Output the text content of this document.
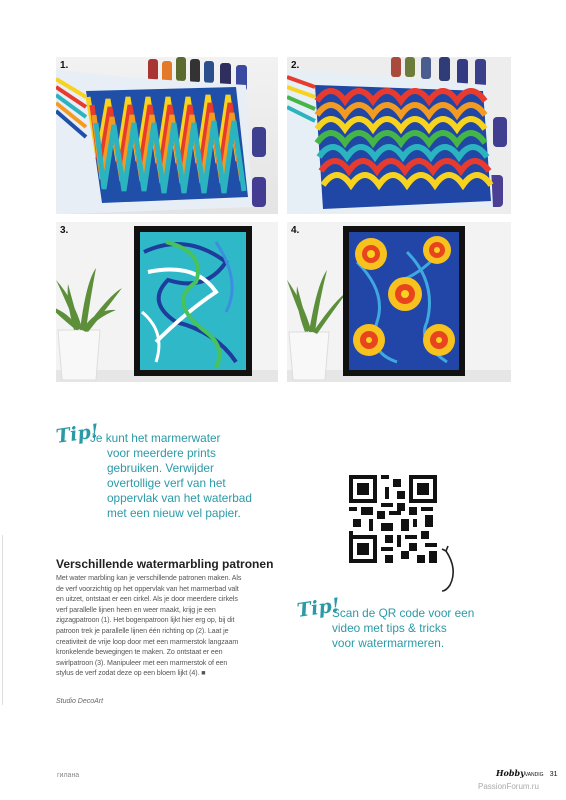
1.	2.
3.	4.
Tip!
Je kunt het marmerwater
voor meerdere prints
gebruiken. Verwijder
overtollige verf van het
oppervlak van het waterbad
met een nieuw vel papier.
Tip!
Scan de QR code voor een
video met tips & tricks
voor watermarmeren.
Verschillende watermarbling patronen
Met water marbling kan je verschillende patronen maken. Als
de verf voorzichtig op het oppervlak van het marmerbad valt
en uitzet, ontstaat er een cirkel. Als je door meerdere cirkels
verf parallelle lijnen heen en weer maakt, krijg je een
zigzagpatroon (1). Het bogenpatroon lijkt hier erg op, bij dit
patroon trek je parallelle lijnen één richting op (2). Laat je
creativiteit de vrije loop door met een marmerstok langzaam
kronkelende bewegingen te maken. Zo ontstaat er een
swirlpatroon (3). Manipuleer met een marmerstok of een
stylus de verf zodat deze op een bloem lijkt (4). ■
Studio DecoArt
гилана	HobbyVANDIG 31
PassionForum.ru
